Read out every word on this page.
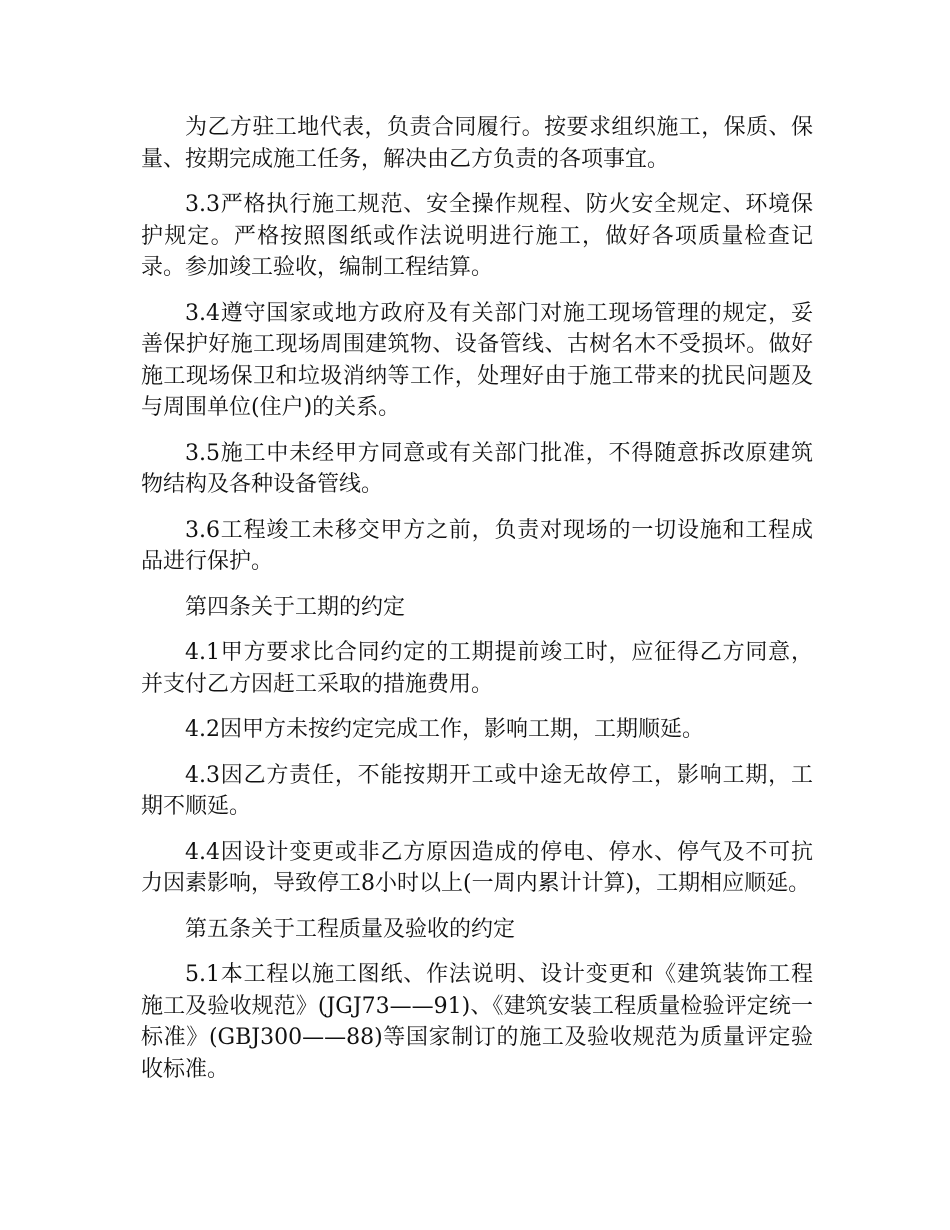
为乙方驻工地代表，负责合同履行。按要求组织施工，保质、保量、按期完成施工任务，解决由乙方负责的各项事宜。

3.3严格执行施工规范、安全操作规程、防火安全规定、环境保护规定。严格按照图纸或作法说明进行施工，做好各项质量检查记录。参加竣工验收，编制工程结算。

3.4遵守国家或地方政府及有关部门对施工现场管理的规定，妥善保护好施工现场周围建筑物、设备管线、古树名木不受损坏。做好施工现场保卫和垃圾消纳等工作，处理好由于施工带来的扰民问题及与周围单位(住户)的关系。

3.5施工中未经甲方同意或有关部门批准，不得随意拆改原建筑物结构及各种设备管线。

3.6工程竣工未移交甲方之前，负责对现场的一切设施和工程成品进行保护。

第四条关于工期的约定

4.1甲方要求比合同约定的工期提前竣工时，应征得乙方同意，并支付乙方因赶工采取的措施费用。

4.2因甲方未按约定完成工作，影响工期，工期顺延。

4.3因乙方责任，不能按期开工或中途无故停工，影响工期，工期不顺延。

4.4因设计变更或非乙方原因造成的停电、停水、停气及不可抗力因素影响，导致停工8小时以上(一周内累计计算)，工期相应顺延。

第五条关于工程质量及验收的约定

5.1本工程以施工图纸、作法说明、设计变更和《建筑装饰工程施工及验收规范》(JGJ73——91)、《建筑安装工程质量检验评定统一标准》(GBJ300——88)等国家制订的施工及验收规范为质量评定验收标准。
